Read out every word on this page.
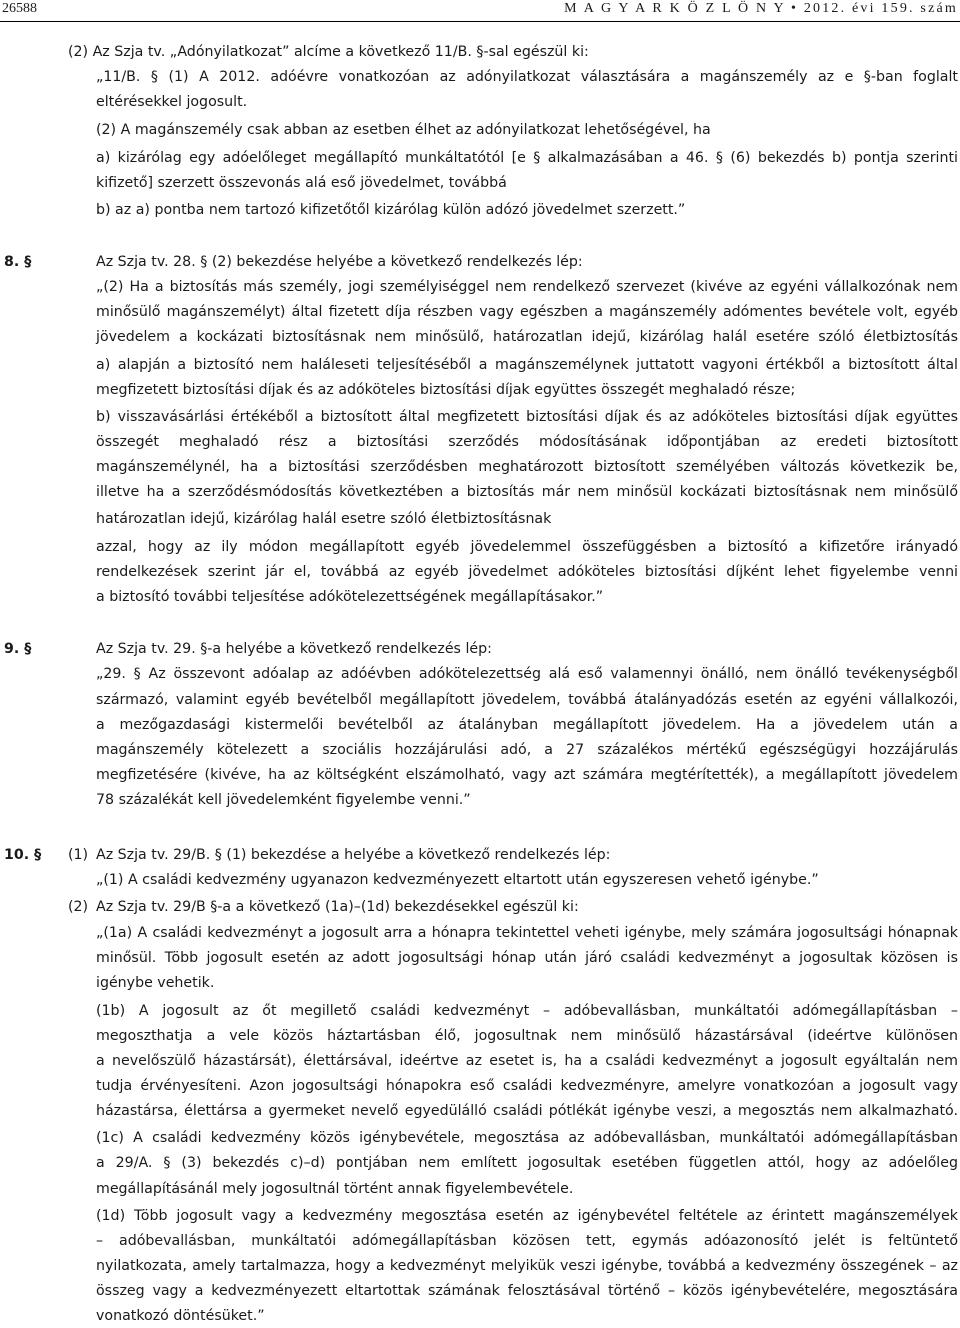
26588	M A G Y A R K Ö Z L Ö N Y • 2012. évi 159. szám
(2) Az Szja tv. „Adónyilatkozat” alcíme a következő 11/B. §-sal egészül ki:
„11/B. § (1) A 2012. adóévre vonatkozóan az adónyilatkozat választására a magánszemély az e §-ban foglalt
eltérésekkel jogosult.
(2) A magánszemély csak abban az esetben élhet az adónyilatkozat lehetőségével, ha
a) kizárólag egy adóelőleget megállapító munkáltatótól [e § alkalmazásában a 46. § (6) bekezdés b) pontja szerinti
kifizető] szerzett összevonás alá eső jövedelmet, továbbá
b) az a) pontba nem tartozó kifizetőtől kizárólag külön adózó jövedelmet szerzett.”
8. §	Az Szja tv. 28. § (2) bekezdése helyébe a következő rendelkezés lép:
„(2) Ha a biztosítás más személy, jogi személyiséggel nem rendelkező szervezet (kivéve az egyéni vállalkozónak nem
minősülő magánszemélyt) által fizetett díja részben vagy egészben a magánszemély adómentes bevétele volt, egyéb
jövedelem a kockázati biztosításnak nem minősülő, határozatlan idejű, kizárólag halál esetére szóló életbiztosítás
a) alapján a biztosító nem haláleseti teljesítéséből a magánszemélynek juttatott vagyoni értékből a biztosított által
megfizetett biztosítási díjak és az adóköteles biztosítási díjak együttes összegét meghaladó része;
b) visszavásárlási értékéből a biztosított által megfizetett biztosítási díjak és az adóköteles biztosítási díjak együttes
összegét meghaladó rész a biztosítási szerződés módosításának időpontjában az eredeti biztosított
magánszemélynél, ha a biztosítási szerződésben meghatározott biztosított személyében változás következik be,
illetve ha a szerződésmódosítás következtében a biztosítás már nem minősül kockázati biztosításnak nem minősülő
határozatlan idejű, kizárólag halál esetre szóló életbiztosításnak
azzal, hogy az ily módon megállapított egyéb jövedelemmel összefüggésben a biztosító a kifizetőre irányadó
rendelkezések szerint jár el, továbbá az egyéb jövedelmet adóköteles biztosítási díjként lehet figyelembe venni
a biztosító további teljesítése adókötelezettségének megállapításakor.”
9. §	Az Szja tv. 29. §-a helyébe a következő rendelkezés lép:
„29. § Az összevont adóalap az adóévben adókötelezettség alá eső valamennyi önálló, nem önálló tevékenységből
származó, valamint egyéb bevételből megállapított jövedelem, továbbá átalányadózás esetén az egyéni vállalkozói,
a mezőgazdasági kistermelői bevételből az átalányban megállapított jövedelem. Ha a jövedelem után a
magánszemély kötelezett a szociális hozzájárulási adó, a 27 százalékos mértékű egészségügyi hozzájárulás
megfizetésére (kivéve, ha az költségként elszámolható, vagy azt számára megtérítették), a megállapított jövedelem
78 százalékát kell jövedelemként figyelembe venni.”
10. §	(1) Az Szja tv. 29/B. § (1) bekezdése a helyébe a következő rendelkezés lép:
„(1) A családi kedvezmény ugyanazon kedvezményezett eltartott után egyszeresen vehető igénybe.”
(2) Az Szja tv. 29/B §-a a következő (1a)–(1d) bekezdésekkel egészül ki:
„(1a) A családi kedvezményt a jogosult arra a hónapra tekintettel veheti igénybe, mely számára jogosultsági hónapnak
minősül. Több jogosult esetén az adott jogosultsági hónap után járó családi kedvezményt a jogosultak közösen is
igénybe vehetik.
(1b) A jogosult az őt megillető családi kedvezményt – adóbevallásban, munkáltatói adómegállapításban –
megoszthatja a vele közös háztartásban élő, jogosultnak nem minősülő házastársával (ideértve különösen
a nevelőszülő házastársát), élettársával, ideértve az esetet is, ha a családi kedvezményt a jogosult egyáltalán nem
tudja érvényesíteni. Azon jogosultsági hónapokra eső családi kedvezményre, amelyre vonatkozóan a jogosult vagy
házastársa, élettársa a gyermeket nevelő egyedülálló családi pótlékát igénybe veszi, a megosztás nem alkalmazható.
(1c) A családi kedvezmény közös igénybevétele, megosztása az adóbevallásban, munkáltatói adómegállapításban
a 29/A. § (3) bekezdés c)–d) pontjában nem említett jogosultak esetében független attól, hogy az adóelőleg
megállapításánál mely jogosultnál történt annak figyelembevétele.
(1d) Több jogosult vagy a kedvezmény megosztása esetén az igénybevétel feltétele az érintett magánszemélyek
– adóbevallásban, munkáltatói adómegállapításban közösen tett, egymás adóazonosító jelét is feltüntető
nyilatkozata, amely tartalmazza, hogy a kedvezményt melyikük veszi igénybe, továbbá a kedvezmény összegének – az
összeg vagy a kedvezményezett eltartottak számának felosztásával történő – közös igénybevételére, megosztására
vonatkozó döntésüket.”
